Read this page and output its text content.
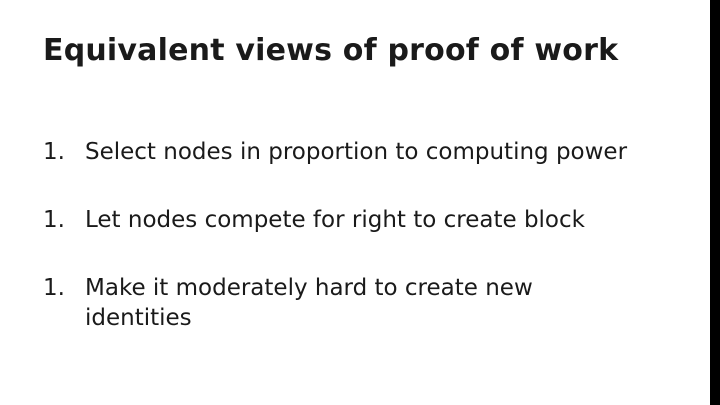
Equivalent views of proof of work
1. Select nodes in proportion to computing power
1. Let nodes compete for right to create block
1. Make it moderately hard to create new identities
